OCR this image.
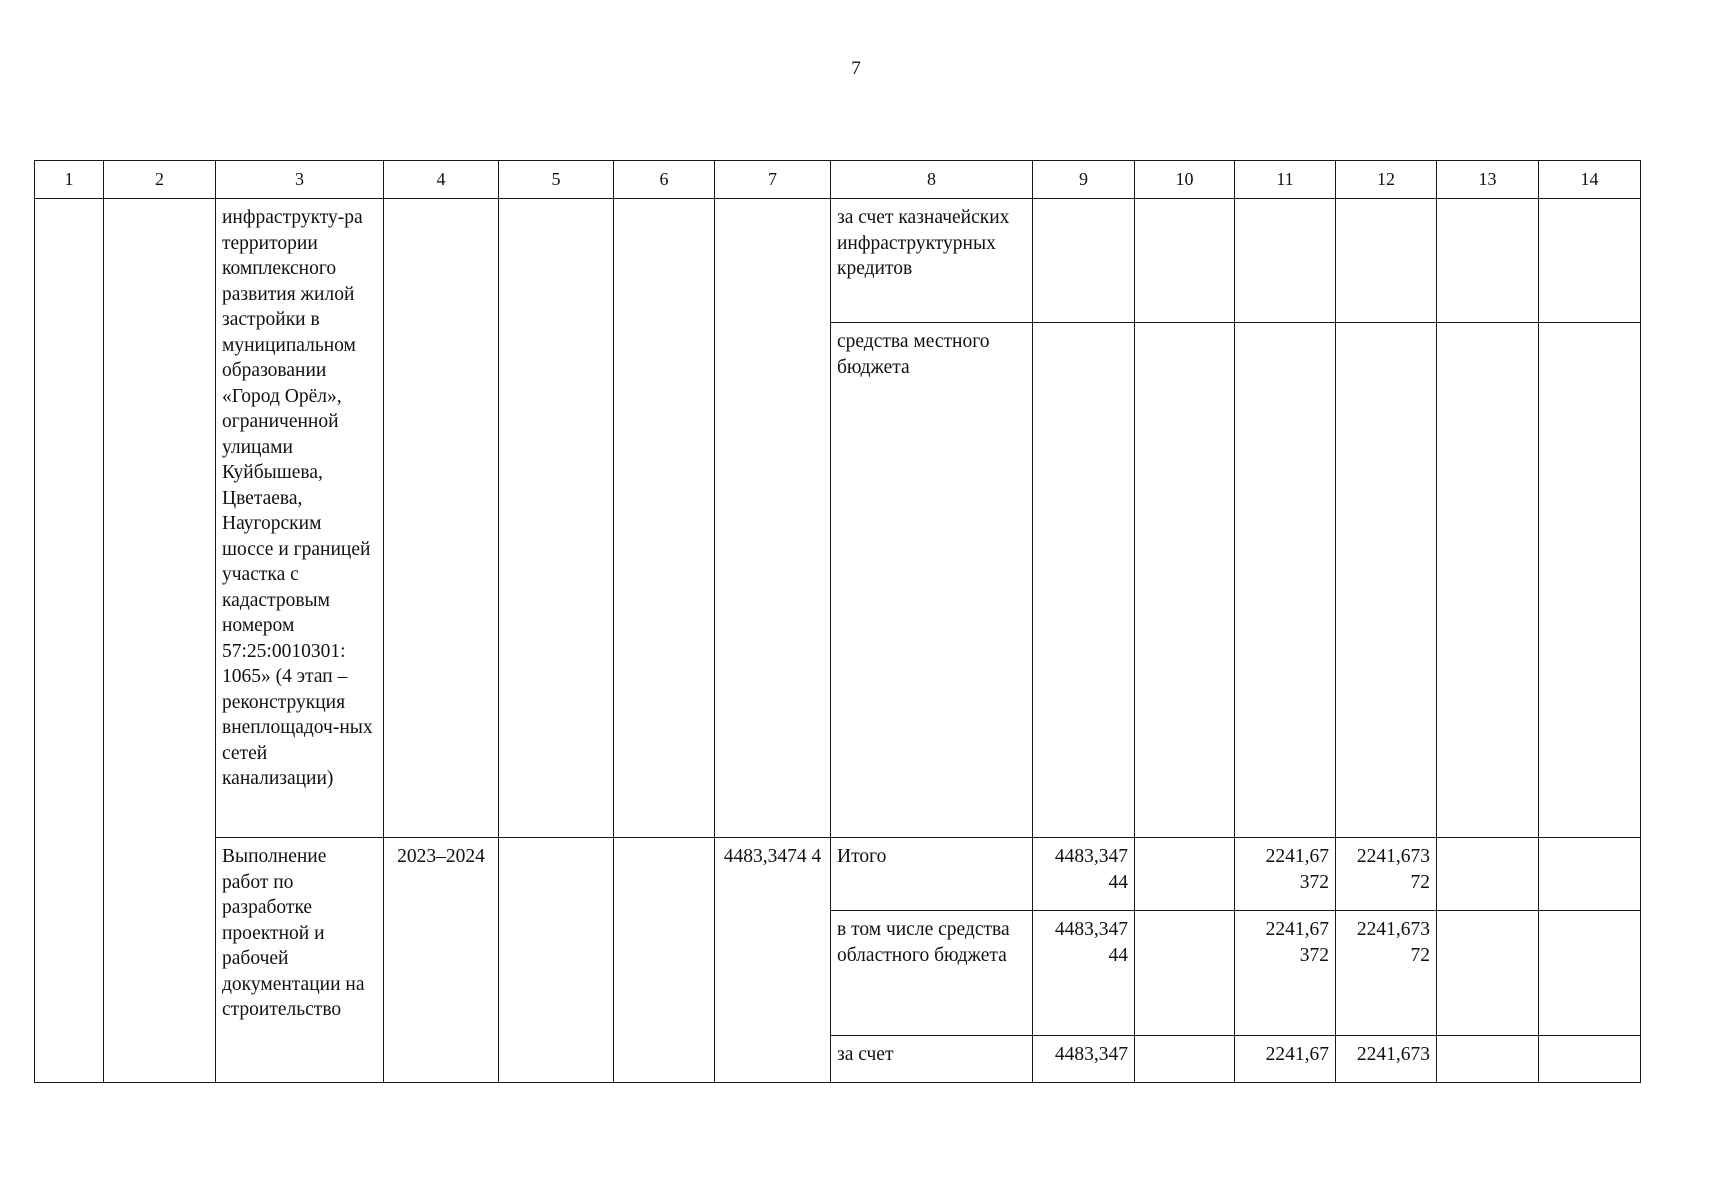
7
1	2	3	4	5	6	7	8	9	10	11	12	13	14
		инфраструкту-ра территории комплексного развития жилой застройки в муниципальном образовании «Город Орёл», ограниченной улицами Куйбышева, Цветаева, Наугорским шоссе и границей участка с кадастровым номером 57:25:0010301: 1065» (4 этап – реконструкция внеплощадоч-ных сетей канализации)					за счет казначейских инфраструктурных кредитов						
							средства местного бюджета						
		Выполнение работ по разработке проектной и рабочей документации на строительство	2023–2024			4483,3474 4	Итого	4483,347 44		2241,67 372	2241,673 72		
							в том числе средства областного бюджета	4483,347 44		2241,67 372	2241,673 72		
							за счет	4483,347		2241,67	2241,673		
